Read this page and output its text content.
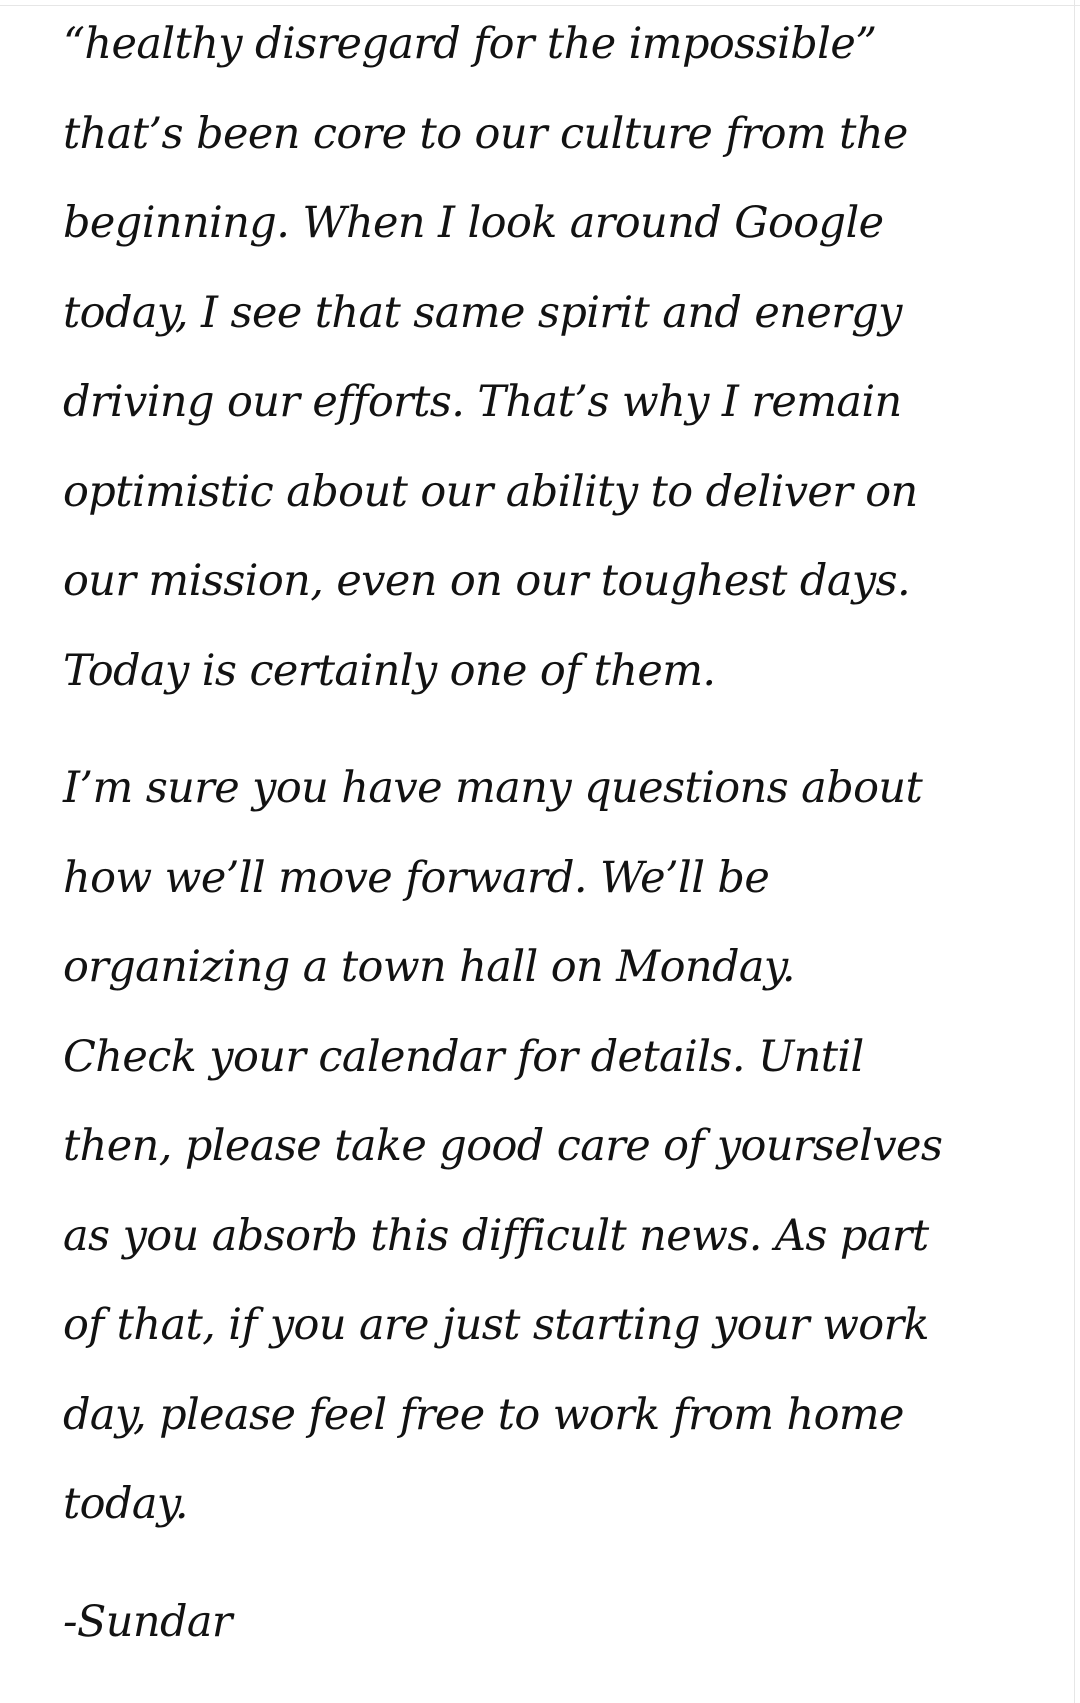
“healthy disregard for the impossible”
that’s been core to our culture from the
beginning. When I look around Google
today, I see that same spirit and energy
driving our efforts. That’s why I remain
optimistic about our ability to deliver on
our mission, even on our toughest days.
Today is certainly one of them.

I’m sure you have many questions about
how we’ll move forward. We’ll be
organizing a town hall on Monday.
Check your calendar for details. Until
then, please take good care of yourselves
as you absorb this difficult news. As part
of that, if you are just starting your work
day, please feel free to work from home
today.

-Sundar
